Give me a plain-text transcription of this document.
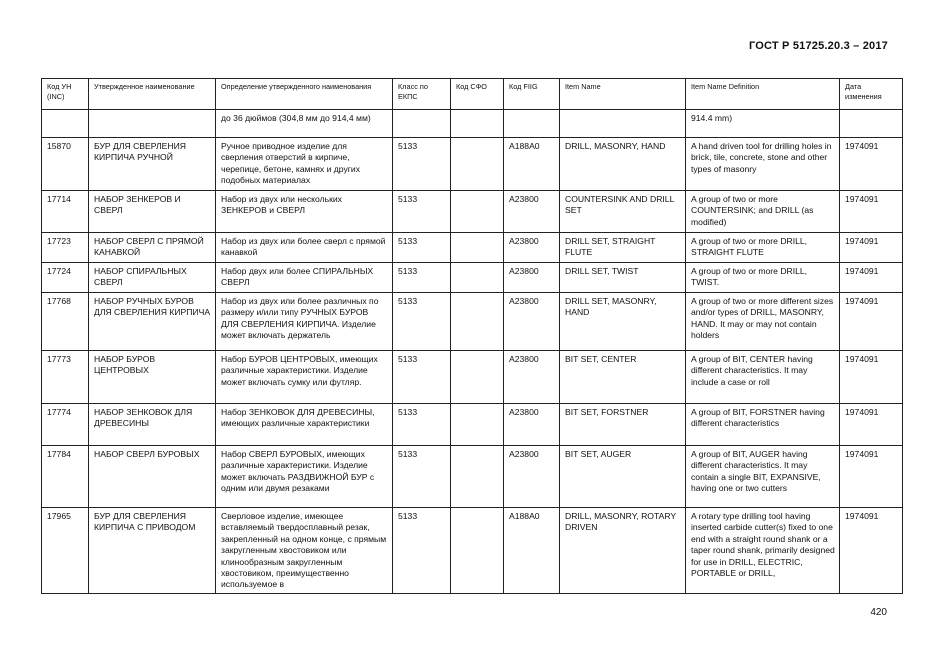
ГОСТ Р 51725.20.3 – 2017
Код УН (INC)	Утвержденное наименование	Определение утвержденного наименования	Класс по ЕКПС	Код СФО	Код FIIG	Item Name	Item Name Definition	Дата изменения
		до 36 дюймов (304,8 мм до 914,4 мм)					914.4 mm)	
15870	БУР ДЛЯ СВЕРЛЕНИЯ КИРПИЧА РУЧНОЙ	Ручное приводное изделие для сверления отверстий в кирпиче, черепице, бетоне, камнях и других подобных материалах	5133		A188A0	DRILL, MASONRY, HAND	A hand driven tool for drilling holes in brick, tile, concrete, stone and other types of masonry	1974091
17714	НАБОР ЗЕНКЕРОВ И СВЕРЛ	Набор из двух или нескольких ЗЕНКЕРОВ и СВЕРЛ	5133		A23800	COUNTERSINK AND DRILL SET	A group of two or more COUNTERSINK; and DRILL (as modified)	1974091
17723	НАБОР СВЕРЛ С ПРЯМОЙ КАНАВКОЙ	Набор из двух или более сверл с прямой канавкой	5133		A23800	DRILL SET, STRAIGHT FLUTE	A group of two or more DRILL, STRAIGHT FLUTE	1974091
17724	НАБОР СПИРАЛЬНЫХ СВЕРЛ	Набор двух или более СПИРАЛЬНЫХ СВЕРЛ	5133		A23800	DRILL SET, TWIST	A group of two or more DRILL, TWIST.	1974091
17768	НАБОР РУЧНЫХ БУРОВ ДЛЯ СВЕРЛЕНИЯ КИРПИЧА	Набор из двух или более различных по размеру и/или типу РУЧНЫХ БУРОВ ДЛЯ СВЕРЛЕНИЯ КИРПИЧА. Изделие может включать держатель	5133		A23800	DRILL SET, MASONRY, HAND	A group of two or more different sizes and/or types of DRILL, MASONRY, HAND. It may or may not contain holders	1974091
17773	НАБОР БУРОВ ЦЕНТРОВЫХ	Набор БУРОВ ЦЕНТРОВЫХ, имеющих различные характеристики. Изделие может включать сумку или футляр.	5133		A23800	BIT SET, CENTER	A group of BIT, CENTER having different characteristics. It may include a case or roll	1974091
17774	НАБОР ЗЕНКОВОК ДЛЯ ДРЕВЕСИНЫ	Набор ЗЕНКОВОК ДЛЯ ДРЕВЕСИНЫ, имеющих различные характеристики	5133		A23800	BIT SET, FORSTNER	A group of BIT, FORSTNER having different characteristics	1974091
17784	НАБОР СВЕРЛ БУРОВЫХ	Набор СВЕРЛ БУРОВЫХ, имеющих различные характеристики. Изделие может включать РАЗДВИЖНОЙ БУР с одним или двумя резаками	5133		A23800	BIT SET, AUGER	A group of BIT, AUGER having different characteristics. It may contain a single BIT, EXPANSIVE, having one or two cutters	1974091
17965	БУР ДЛЯ СВЕРЛЕНИЯ КИРПИЧА С ПРИВОДОМ	Сверловое изделие, имеющее вставляемый твердосплавный резак, закрепленный на одном конце, с прямым закругленным хвостовиком или клинообразным закругленным хвостовиком, преимущественно используемое в	5133		A188A0	DRILL, MASONRY, ROTARY DRIVEN	A rotary type drilling tool having inserted carbide cutter(s) fixed to one end with a straight round shank or a taper round shank, primarily designed for use in DRILL, ELECTRIC, PORTABLE or DRILL,	1974091
420
